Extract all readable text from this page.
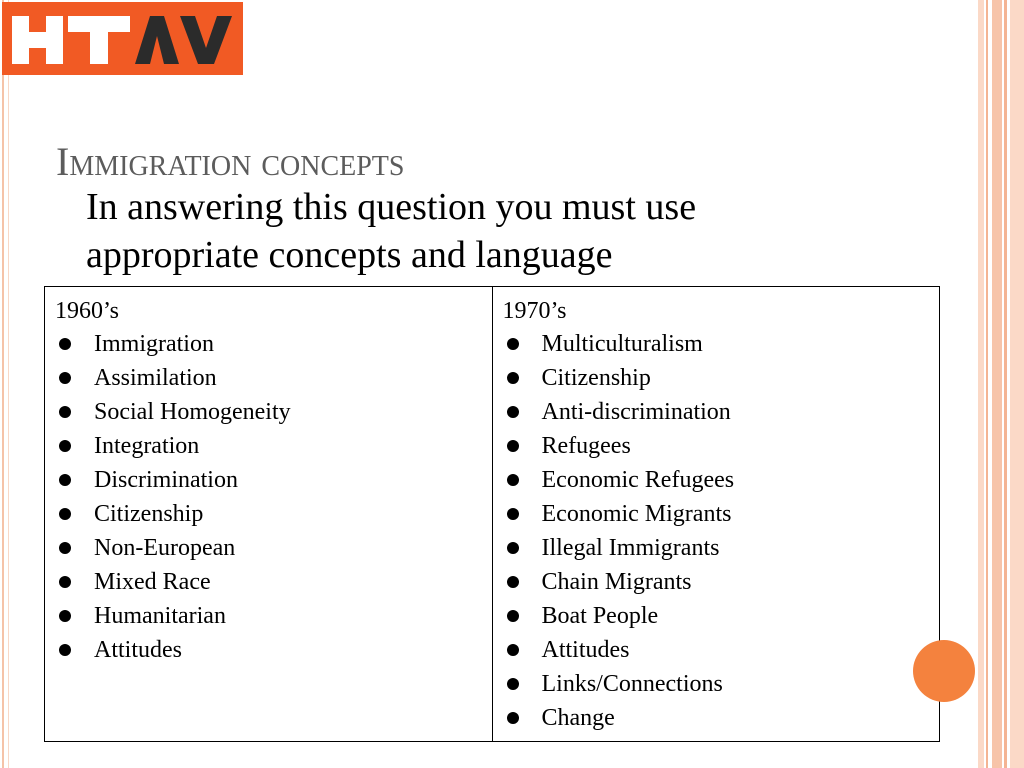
Immigration concepts
In answering this question you must use
appropriate concepts and language
1960’s
Immigration
Assimilation
Social Homogeneity
Integration
Discrimination
Citizenship
Non-European
Mixed Race
Humanitarian
Attitudes

1970’s
Multiculturalism
Citizenship
Anti-discrimination
Refugees
Economic Refugees
Economic Migrants
Illegal Immigrants
Chain Migrants
Boat People
Attitudes
Links/Connections
Change
